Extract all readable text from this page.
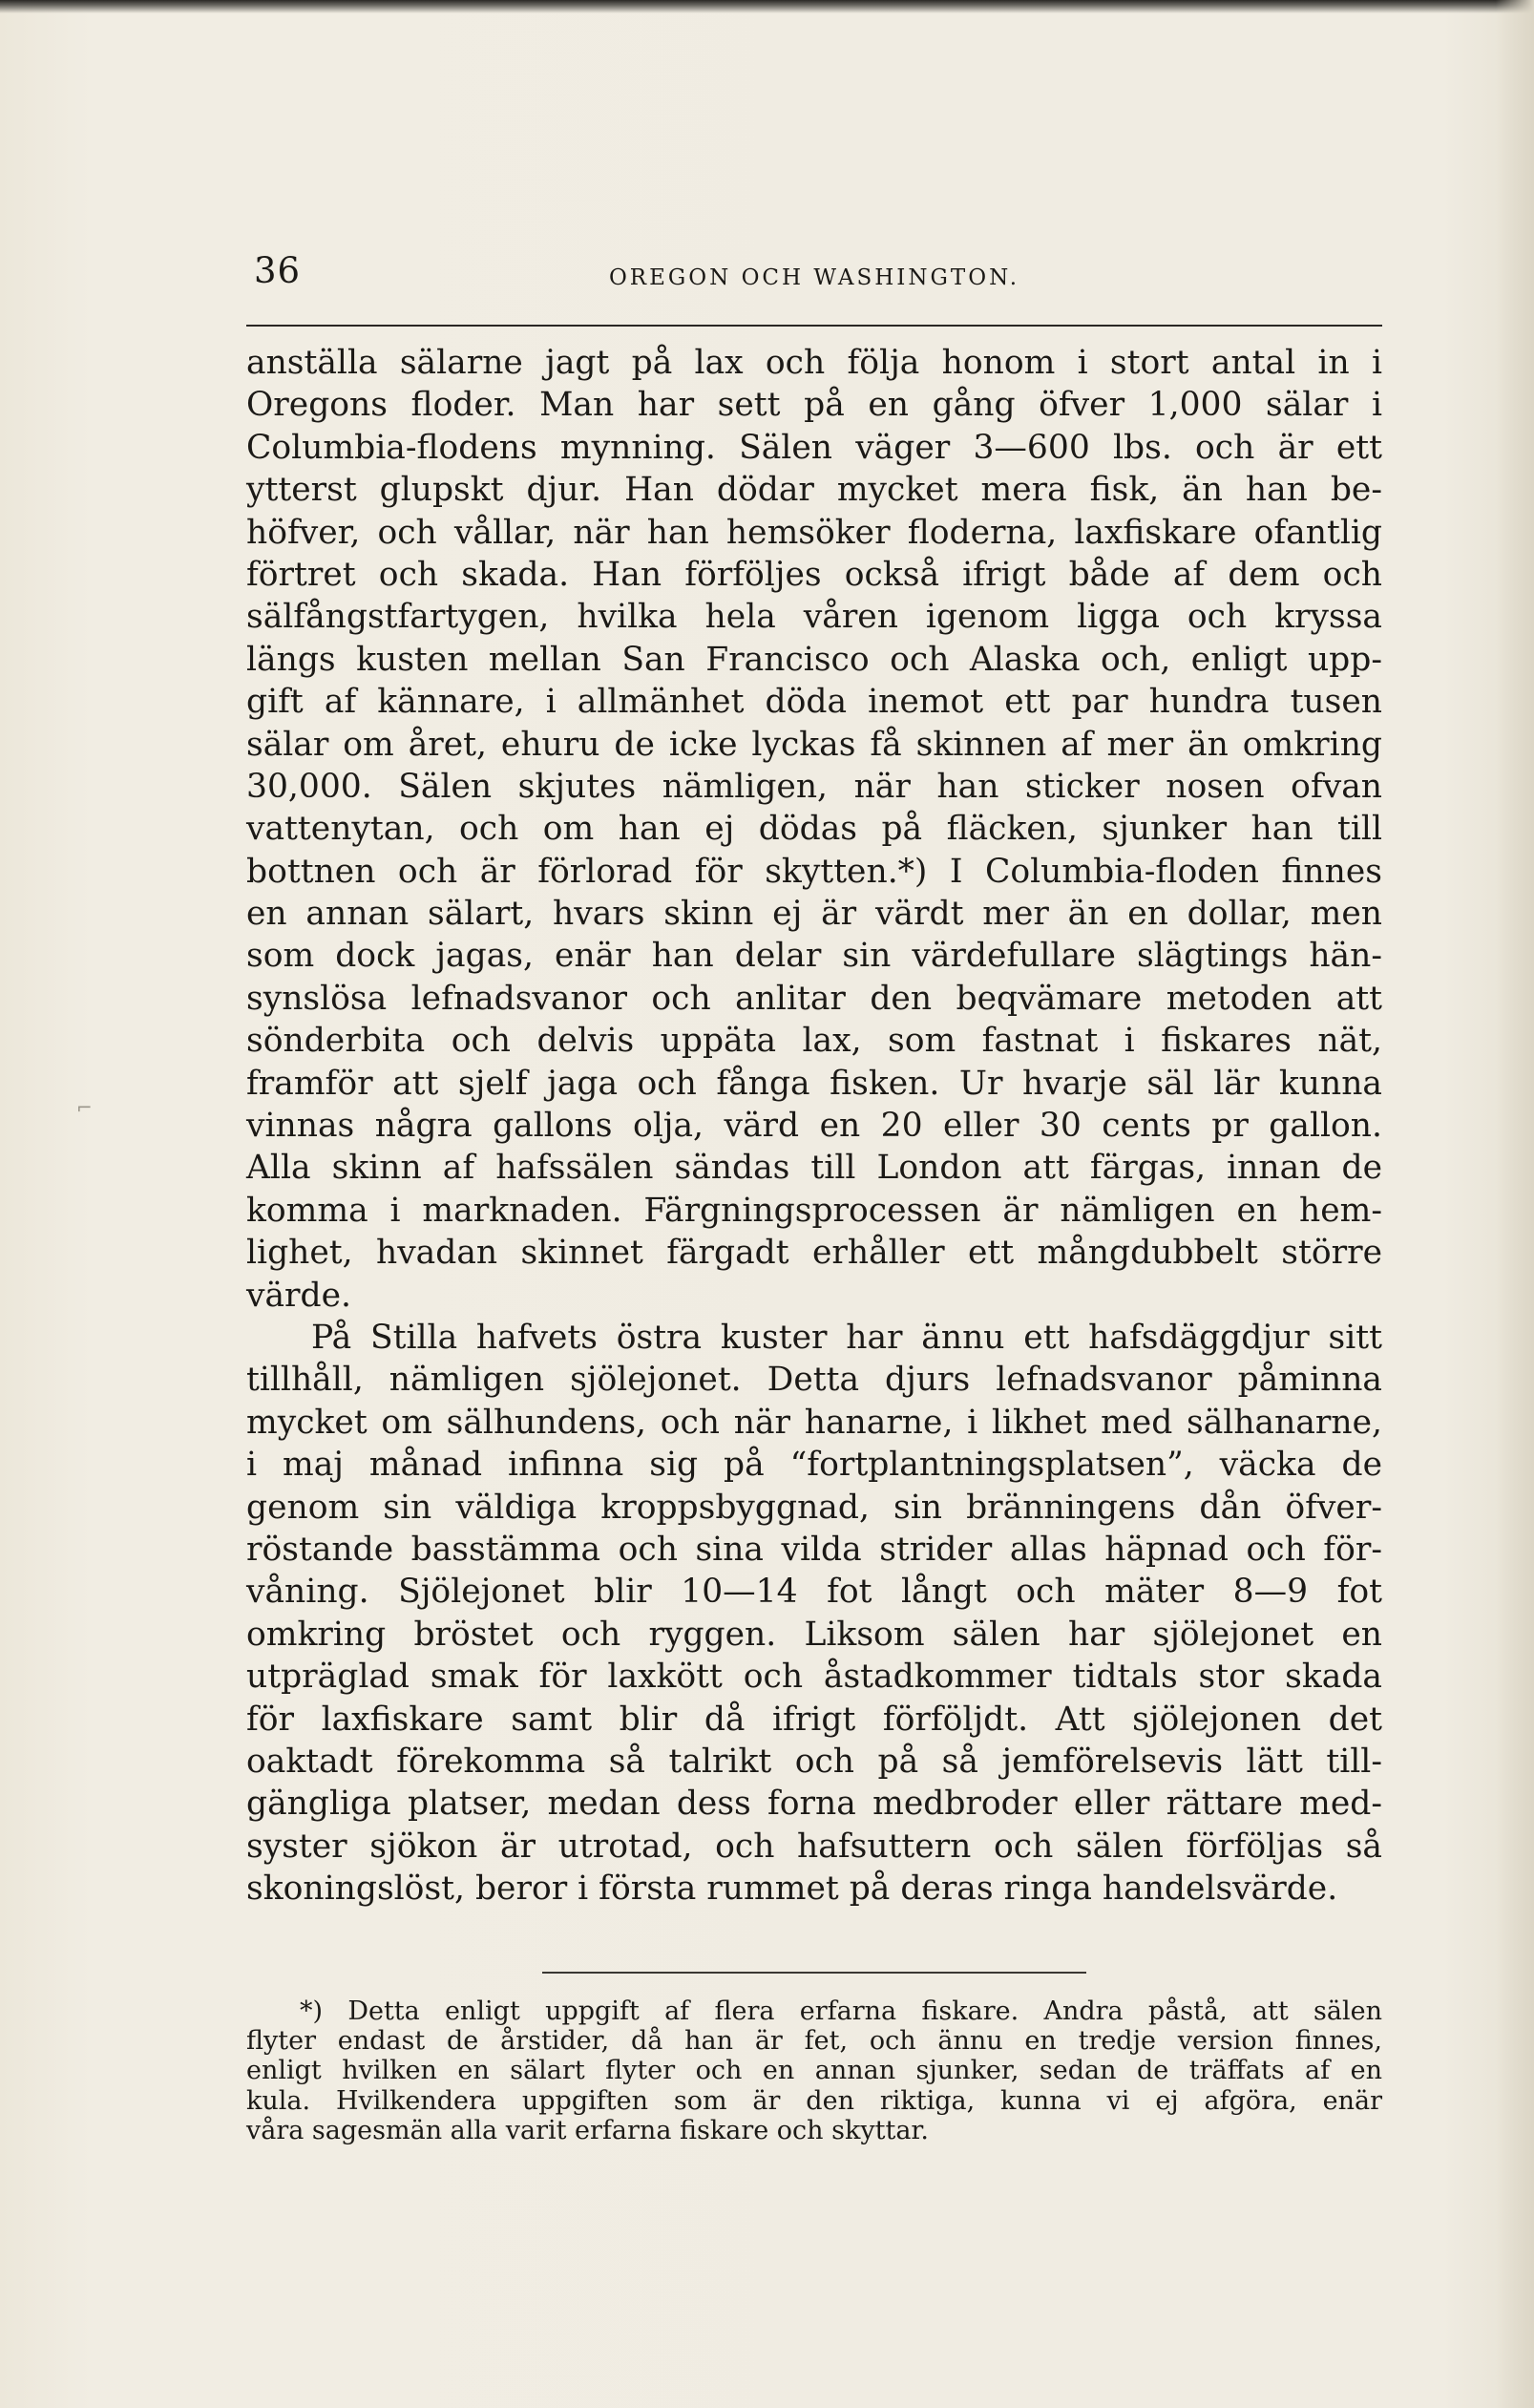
36	OREGON OCH WASHINGTON.
anställa sälarne jagt på lax och följa honom i stort antal in i
Oregons floder. Man har sett på en gång öfver 1,000 sälar i
Columbia-flodens mynning. Sälen väger 3—600 lbs. och är ett
ytterst glupskt djur. Han dödar mycket mera fisk, än han be-
höfver, och vållar, när han hemsöker floderna, laxfiskare ofantlig
förtret och skada. Han förföljes också ifrigt både af dem och
sälfångstfartygen, hvilka hela våren igenom ligga och kryssa
längs kusten mellan San Francisco och Alaska och, enligt upp-
gift af kännare, i allmänhet döda inemot ett par hundra tusen
sälar om året, ehuru de icke lyckas få skinnen af mer än omkring
30,000. Sälen skjutes nämligen, när han sticker nosen ofvan
vattenytan, och om han ej dödas på fläcken, sjunker han till
bottnen och är förlorad för skytten.*) I Columbia-floden finnes
en annan sälart, hvars skinn ej är värdt mer än en dollar, men
som dock jagas, enär han delar sin värdefullare slägtings hän-
synslösa lefnadsvanor och anlitar den beqvämare metoden att
sönderbita och delvis uppäta lax, som fastnat i fiskares nät,
framför att sjelf jaga och fånga fisken. Ur hvarje säl lär kunna
vinnas några gallons olja, värd en 20 eller 30 cents pr gallon.
Alla skinn af hafssälen sändas till London att färgas, innan de
komma i marknaden. Färgningsprocessen är nämligen en hem-
lighet, hvadan skinnet färgadt erhåller ett mångdubbelt större
värde.
På Stilla hafvets östra kuster har ännu ett hafsdäggdjur sitt
tillhåll, nämligen sjölejonet. Detta djurs lefnadsvanor påminna
mycket om sälhundens, och när hanarne, i likhet med sälhanarne,
i maj månad infinna sig på “fortplantningsplatsen”, väcka de
genom sin väldiga kroppsbyggnad, sin bränningens dån öfver-
röstande basstämma och sina vilda strider allas häpnad och för-
våning. Sjölejonet blir 10—14 fot långt och mäter 8—9 fot
omkring bröstet och ryggen. Liksom sälen har sjölejonet en
utpräglad smak för laxkött och åstadkommer tidtals stor skada
för laxfiskare samt blir då ifrigt förföljdt. Att sjölejonen det
oaktadt förekomma så talrikt och på så jemförelsevis lätt till-
gängliga platser, medan dess forna medbroder eller rättare med-
syster sjökon är utrotad, och hafsuttern och sälen förföljas så
skoningslöst, beror i första rummet på deras ringa handelsvärde.
*) Detta enligt uppgift af flera erfarna fiskare. Andra påstå, att sälen
flyter endast de årstider, då han är fet, och ännu en tredje version finnes,
enligt hvilken en sälart flyter och en annan sjunker, sedan de träffats af en
kula. Hvilkendera uppgiften som är den riktiga, kunna vi ej afgöra, enär
våra sagesmän alla varit erfarna fiskare och skyttar.
⌐
